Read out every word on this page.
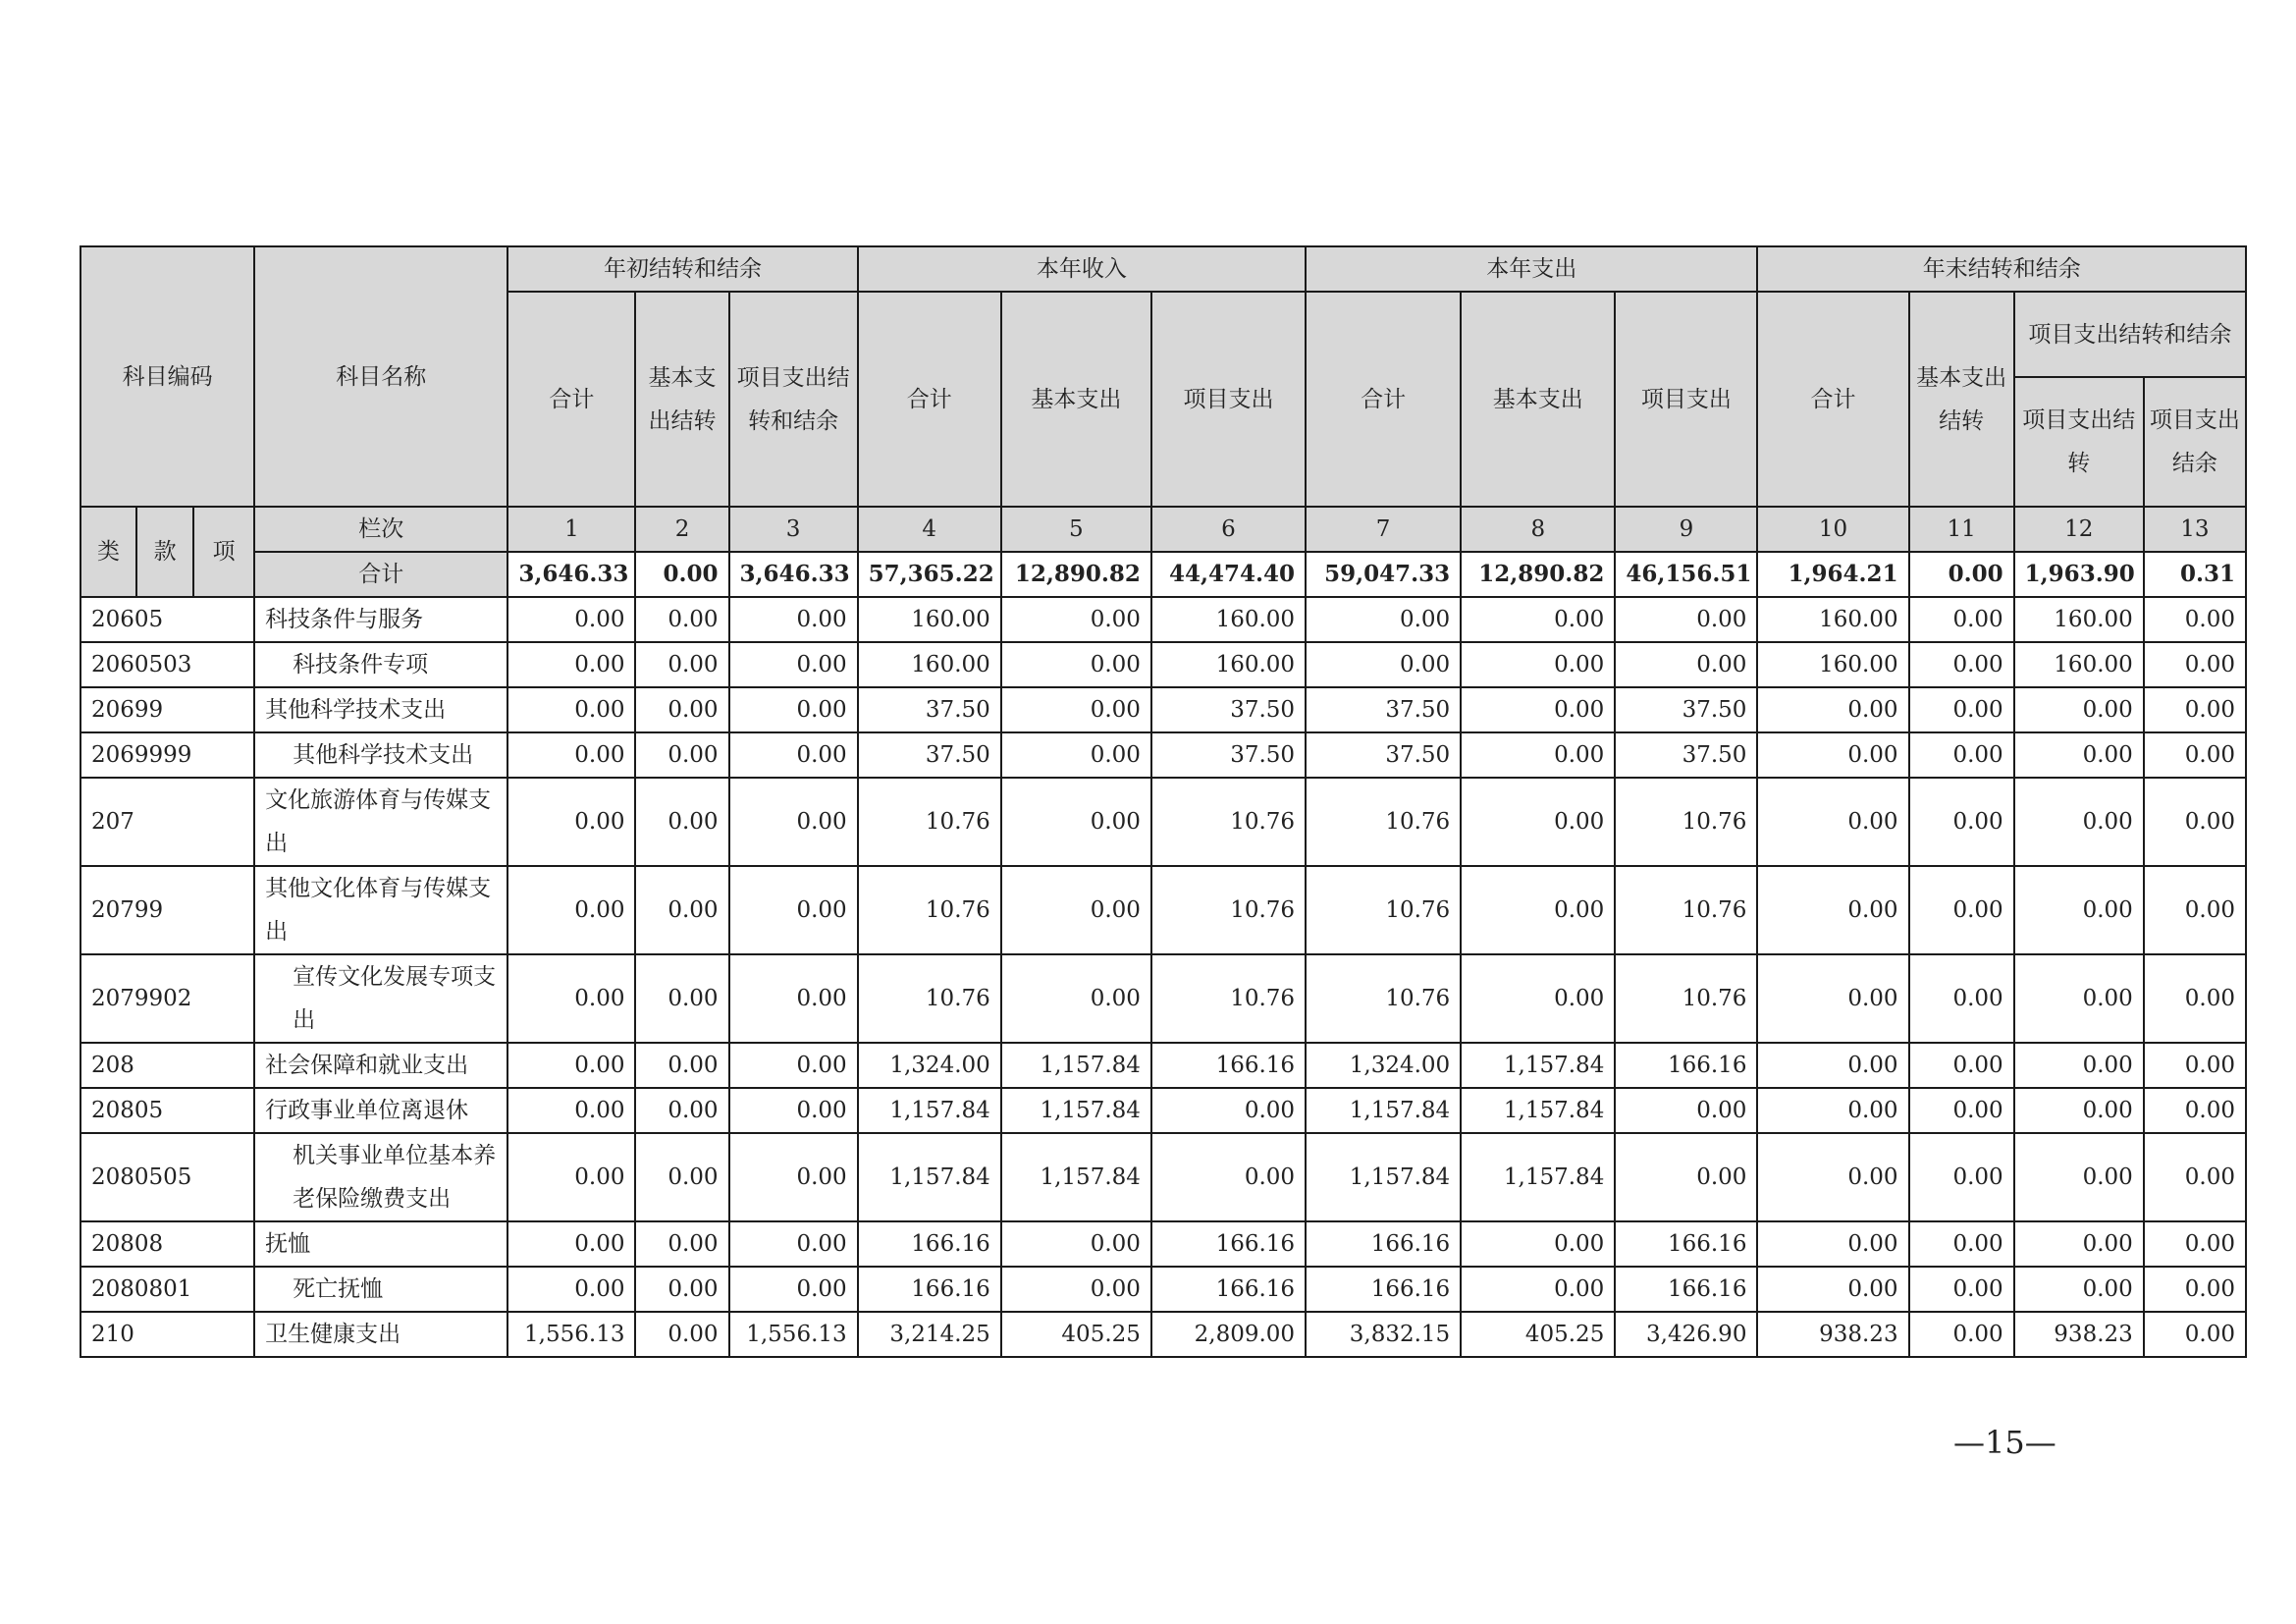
科目编码			科目名称	年初结转和结余			本年收入			本年支出			年末结转和结余			
				合计	基本支出结转	项目支出结转和结余	合计	基本支出	项目支出	合计	基本支出	项目支出	合计	基本支出结转	项目支出结转和结余	
															项目支出结转	项目支出结余
类	款	项	栏次	1	2	3	4	5	6	7	8	9	10	11	12	13
			合计	3,646.33	0.00	3,646.33	57,365.22	12,890.82	44,474.40	59,047.33	12,890.82	46,156.51	1,964.21	0.00	1,963.90	0.31
20605			科技条件与服务	0.00	0.00	0.00	160.00	0.00	160.00	0.00	0.00	0.00	160.00	0.00	160.00	0.00
2060503			科技条件专项	0.00	0.00	0.00	160.00	0.00	160.00	0.00	0.00	0.00	160.00	0.00	160.00	0.00
20699			其他科学技术支出	0.00	0.00	0.00	37.50	0.00	37.50	37.50	0.00	37.50	0.00	0.00	0.00	0.00
2069999			其他科学技术支出	0.00	0.00	0.00	37.50	0.00	37.50	37.50	0.00	37.50	0.00	0.00	0.00	0.00
207			文化旅游体育与传媒支出	0.00	0.00	0.00	10.76	0.00	10.76	10.76	0.00	10.76	0.00	0.00	0.00	0.00
20799			其他文化体育与传媒支出	0.00	0.00	0.00	10.76	0.00	10.76	10.76	0.00	10.76	0.00	0.00	0.00	0.00
2079902			宣传文化发展专项支出	0.00	0.00	0.00	10.76	0.00	10.76	10.76	0.00	10.76	0.00	0.00	0.00	0.00
208			社会保障和就业支出	0.00	0.00	0.00	1,324.00	1,157.84	166.16	1,324.00	1,157.84	166.16	0.00	0.00	0.00	0.00
20805			行政事业单位离退休	0.00	0.00	0.00	1,157.84	1,157.84	0.00	1,157.84	1,157.84	0.00	0.00	0.00	0.00	0.00
2080505			机关事业单位基本养老保险缴费支出	0.00	0.00	0.00	1,157.84	1,157.84	0.00	1,157.84	1,157.84	0.00	0.00	0.00	0.00	0.00
20808			抚恤	0.00	0.00	0.00	166.16	0.00	166.16	166.16	0.00	166.16	0.00	0.00	0.00	0.00
2080801			死亡抚恤	0.00	0.00	0.00	166.16	0.00	166.16	166.16	0.00	166.16	0.00	0.00	0.00	0.00
210			卫生健康支出	1,556.13	0.00	1,556.13	3,214.25	405.25	2,809.00	3,832.15	405.25	3,426.90	938.23	0.00	938.23	0.00
—15—
